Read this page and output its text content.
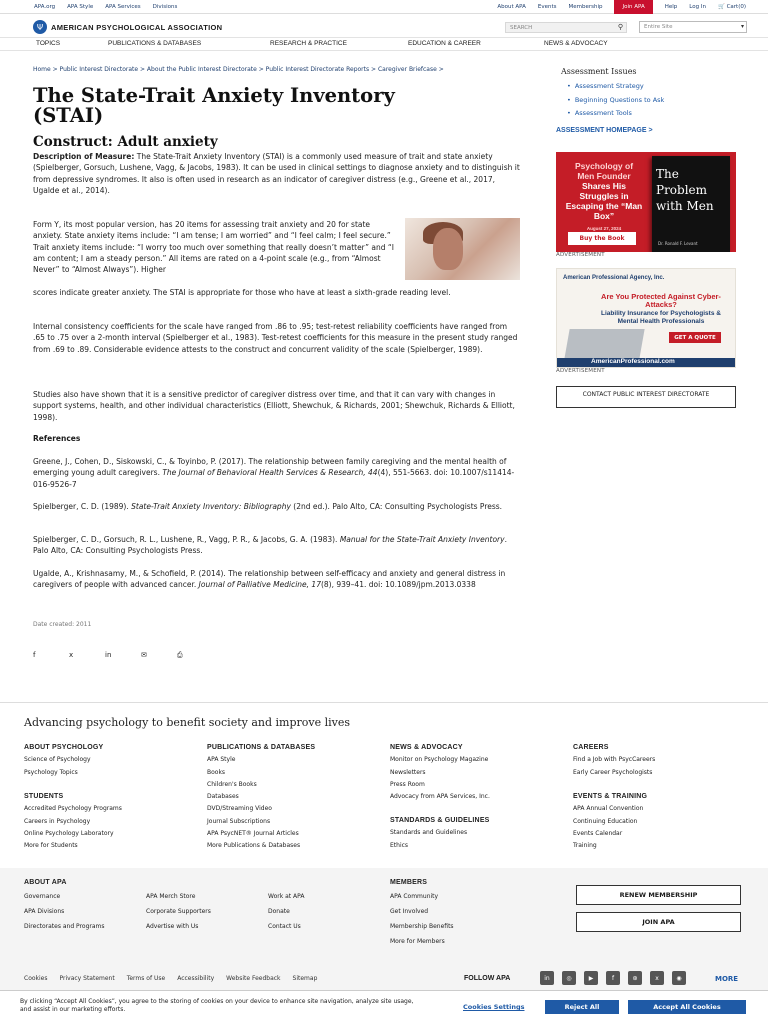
APA.org APA Style APA Services Divisions	About APA Events Membership	Join APA	Help Log In 🛒 Cart(0)
Ψ	AMERICAN PSYCHOLOGICAL ASSOCIATION	SEARCH	⚲	Entire Site	▾
TOPICS	PUBLICATIONS & DATABASES	RESEARCH & PRACTICE	EDUCATION & CAREER	NEWS & ADVOCACY
Home > Public Interest Directorate > About the Public Interest Directorate > Public Interest Directorate Reports > Caregiver Briefcase >
The State-Trait Anxiety Inventory (STAI)
Construct: Adult anxiety
Description of Measure: The State-Trait Anxiety Inventory (STAI) is a commonly used measure of trait and state anxiety (Spielberger, Gorsuch, Lushene, Vagg, & Jacobs, 1983). It can be used in clinical settings to diagnose anxiety and to distinguish it from depressive syndromes. It also is often used in research as an indicator of caregiver distress (e.g., Greene et al., 2017, Ugalde et al., 2014).
Form Y, its most popular version, has 20 items for assessing trait anxiety and 20 for state anxiety. State anxiety items include: “I am tense; I am worried” and “I feel calm; I feel secure.” Trait anxiety items include: “I worry too much over something that really doesn’t matter” and “I am content; I am a steady person.” All items are rated on a 4-point scale (e.g., from “Almost Never” to “Almost Always”). Higher
scores indicate greater anxiety. The STAI is appropriate for those who have at least a sixth-grade reading level.
Internal consistency coefficients for the scale have ranged from .86 to .95; test-retest reliability coefficients have ranged from .65 to .75 over a 2-month interval (Spielberger et al., 1983). Test-retest coefficients for this measure in the present study ranged from .69 to .89. Considerable evidence attests to the construct and concurrent validity of the scale (Spielberger, 1989).
Studies also have shown that it is a sensitive predictor of caregiver distress over time, and that it can vary with changes in support systems, health, and other individual characteristics (Elliott, Shewchuk, & Richards, 2001; Shewchuk, Richards & Elliott, 1998).
References
Greene, J., Cohen, D., Siskowski, C., & Toyinbo, P. (2017). The relationship between family caregiving and the mental health of emerging young adult caregivers. The Journal of Behavioral Health Services & Research, 44(4), 551-5663. doi: 10.1007/s11414-016-9526-7
Spielberger, C. D. (1989). State-Trait Anxiety Inventory: Bibliography (2nd ed.). Palo Alto, CA: Consulting Psychologists Press.
Spielberger, C. D., Gorsuch, R. L., Lushene, R., Vagg, P. R., & Jacobs, G. A. (1983). Manual for the State-Trait Anxiety Inventory. Palo Alto, CA: Consulting Psychologists Press.
Ugalde, A., Krishnasamy, M., & Schofield, P. (2014). The relationship between self-efficacy and anxiety and general distress in caregivers of people with advanced cancer. Journal of Palliative Medicine, 17(8), 939–41. doi: 10.1089/jpm.2013.0338
Date created: 2011
f	x	in	✉	⎙
Assessment Issues
• Assessment Strategy
• Beginning Questions to Ask
• Assessment Tools
ASSESSMENT HOMEPAGE >
Psychology of
Men Founder
Shares His Struggles in Escaping the “Man Box”
August 27, 2024
Buy the Book
The Problem with Men
Dr. Ronald F. Levant
ADVERTISEMENT
American Professional Agency, Inc.
Are You Protected Against Cyber-Attacks?
Liability Insurance for Psychologists & Mental Health Professionals
GET A QUOTE
AmericanProfessional.com
ADVERTISEMENT
CONTACT PUBLIC INTEREST DIRECTORATE
Advancing psychology to benefit society and improve lives
ABOUT PSYCHOLOGY
Science of Psychology
Psychology Topics
STUDENTS
Accredited Psychology Programs
Careers in Psychology
Online Psychology Laboratory
More for Students
PUBLICATIONS & DATABASES
APA Style
Books
Children's Books
Databases
DVD/Streaming Video
Journal Subscriptions
APA PsycNET® Journal Articles
More Publications & Databases
NEWS & ADVOCACY
Monitor on Psychology Magazine
Newsletters
Press Room
Advocacy from APA Services, Inc.
STANDARDS & GUIDELINES
Standards and Guidelines
Ethics
CAREERS
Find a Job with PsycCareers
Early Career Psychologists
EVENTS & TRAINING
APA Annual Convention
Continuing Education
Events Calendar
Training
ABOUT APA
Governance
APA Divisions
Directorates and Programs
APA Merch Store
Corporate Supporters
Advertise with Us
Work at APA
Donate
Contact Us
MEMBERS
APA Community
Get Involved
Membership Benefits
More for Members
RENEW MEMBERSHIP
JOIN APA
Cookies Privacy Statement Terms of Use Accessibility Website Feedback Sitemap	FOLLOW APA	in	◎	▶	f	⊛	x	◉	MORE
By clicking “Accept All Cookies”, you agree to the storing of cookies on your device to enhance site navigation, analyze site usage, and assist in our marketing efforts.	Cookies Settings	Reject All	Accept All Cookies
